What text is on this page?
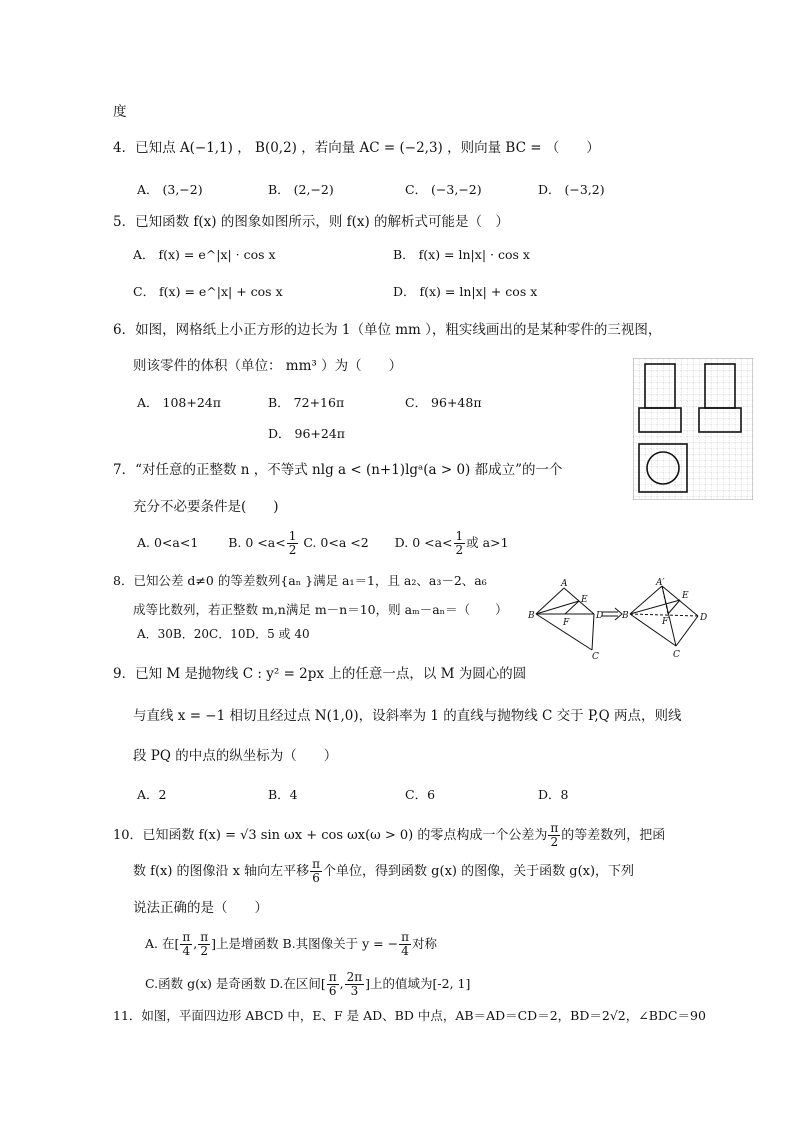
度
4．已知点 A(−1,1) ， B(0,2) ，若向量 AC = (−2,3) ，则向量 BC = （　　）
A． (3,−2)	B． (2,−2)	C． (−3,−2)	D． (−3,2)
5．已知函数 f(x) 的图象如图所示，则 f(x) 的解析式可能是（　）
A． f(x) = e^|x| · cos x	B． f(x) = ln|x| · cos x
C． f(x) = e^|x| + cos x	D． f(x) = ln|x| + cos x
6．如图，网格纸上小正方形的边长为 1（单位 mm ），粗实线画出的是某种零件的三视图，
则该零件的体积（单位： mm³ ）为（　　）
A． 108+24π	B． 72+16π	C． 96+48π
D． 96+24π
7．“对任意的正整数 n ，不等式 nlg a < (n+1)lgᵃ(a > 0) 都成立”的一个
充分不必要条件是(　　)
A. 0<a<1 B. $0 <a< \frac{1}{2} C$. 0<a <2 D. $0 <a< \frac{1}{2}$ 或 a>1
8．已知公差 d≠0 的等差数列{aₙ }满足 a₁＝1，且 a₂、a₃－2、a₆
成等比数列，若正整数 m,n满足 m－n＝10，则 aₘ－aₙ＝（　　）
A．30B．20C．10D．5 或 40
A
B	D
C
E
F
A′
B	D
C
E
F
9．已知 M 是抛物线 C : y² = 2px 上的任意一点，以 M 为圆心的圆
与直线 x = −1 相切且经过点 N(1,0)，设斜率为 1 的直线与抛物线 C 交于 P,Q 两点，则线
段 PQ 的中点的纵坐标为（　　）
A．2	B．4	C．6	D．8
10．已知函数 f(x) = √3 sin ωx + cos ωx(ω > 0) 的零点构成一个公差为 $\frac{\pi}{2}$ 的等差数列，把函
数 f(x) 的图像沿 x 轴向左平移 $\frac{\pi}{6}$ 个单位，得到函数 g(x) 的图像，关于函数 g(x)，下列
说法正确的是（　　）
A. 在[ $\frac{\pi}{4}$ , $\frac{\pi}{2}$ ]上是增函数 B.其图像关于 y = − $\frac{\pi}{4}$ 对称
C.函数 g(x) 是奇函数 D.在区间[ $\frac{\pi}{6}$ , $\frac{2\pi}{3}$ ]上的值域为[-2, 1]
11．如图，平面四边形 ABCD 中，E、F 是 AD、BD 中点，AB＝AD＝CD＝2，BD＝2√2，∠BDC＝90
